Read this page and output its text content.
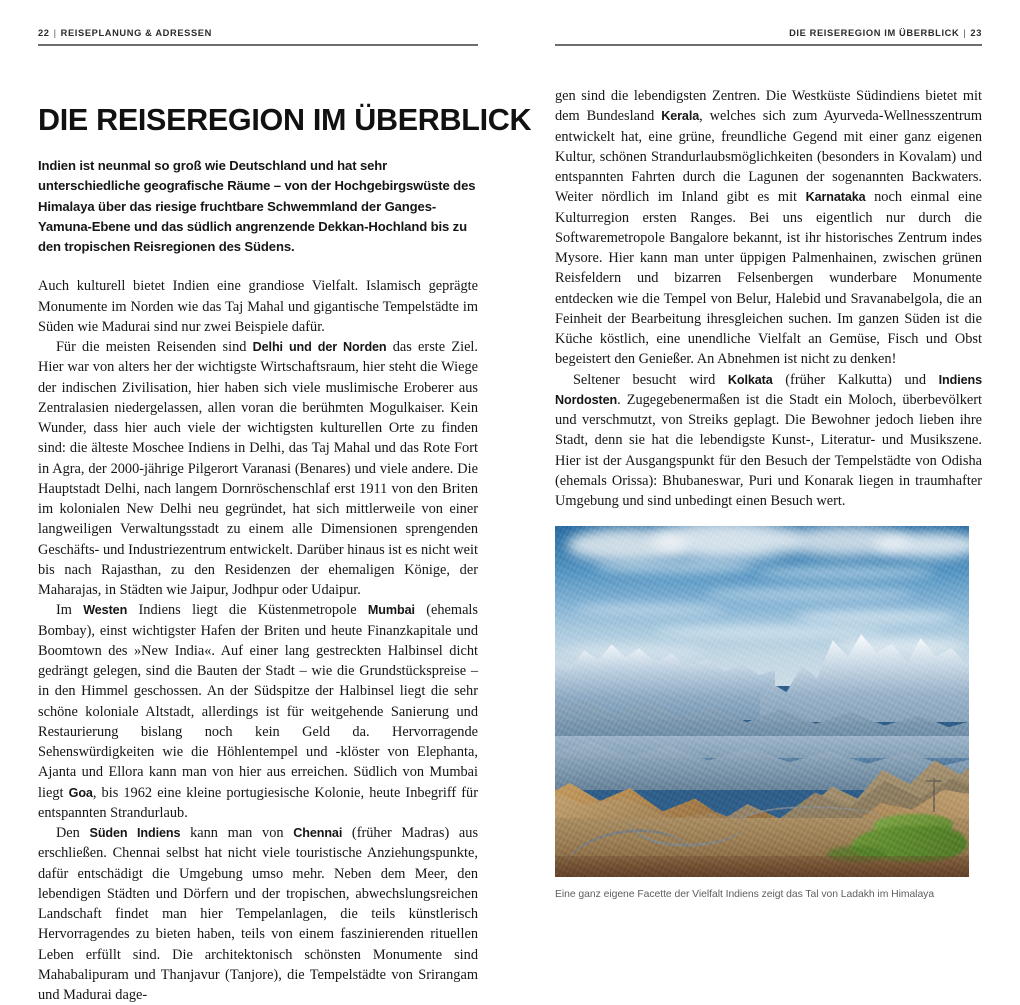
22 | REISEPLANUNG & ADRESSEN
DIE REISEREGION IM ÜBERBLICK
Indien ist neunmal so groß wie Deutschland und hat sehr unterschiedliche geografische Räume – von der Hochgebirgswüste des Himalaya über das riesige fruchtbare Schwemmland der Ganges-Yamuna-Ebene und das südlich angrenzende Dekkan-Hochland bis zu den tropischen Reisregionen des Südens.

Auch kulturell bietet Indien eine grandiose Vielfalt. Islamisch geprägte Monumente im Norden wie das Taj Mahal und gigantische Tempelstädte im Süden wie Madurai sind nur zwei Beispiele dafür.

Für die meisten Reisenden sind Delhi und der Norden das erste Ziel. Hier war von alters her der wichtigste Wirtschaftsraum, hier steht die Wiege der indischen Zivilisation, hier haben sich viele muslimische Eroberer aus Zentralasien niedergelassen, allen voran die berühmten Mogulkaiser. Kein Wunder, dass hier auch viele der wichtigsten kulturellen Orte zu finden sind: die älteste Moschee Indiens in Delhi, das Taj Mahal und das Rote Fort in Agra, der 2000-jährige Pilgerort Varanasi (Benares) und viele andere. Die Hauptstadt Delhi, nach langem Dornröschenschlaf erst 1911 von den Briten im kolonialen New Delhi neu gegründet, hat sich mittlerweile von einer langweiligen Verwaltungsstadt zu einem alle Dimensionen sprengenden Geschäfts- und Industriezentrum entwickelt. Darüber hinaus ist es nicht weit bis nach Rajasthan, zu den Residenzen der ehemaligen Könige, der Maharajas, in Städten wie Jaipur, Jodhpur oder Udaipur.

Im Westen Indiens liegt die Küstenmetropole Mumbai (ehemals Bombay), einst wichtigster Hafen der Briten und heute Finanzkapitale und Boomtown des »New India«. Auf einer lang gestreckten Halbinsel dicht gedrängt gelegen, sind die Bauten der Stadt – wie die Grundstückspreise – in den Himmel geschossen. An der Südspitze der Halbinsel liegt die sehr schöne koloniale Altstadt, allerdings ist für weitgehende Sanierung und Restaurierung bislang noch kein Geld da. Hervorragende Sehenswürdigkeiten wie die Höhlentempel und -klöster von Elephanta, Ajanta und Ellora kann man von hier aus erreichen. Südlich von Mumbai liegt Goa, bis 1962 eine kleine portugiesische Kolonie, heute Inbegriff für entspannten Strandurlaub.

Den Süden Indiens kann man von Chennai (früher Madras) aus erschließen. Chennai selbst hat nicht viele touristische Anziehungspunkte, dafür entschädigt die Umgebung umso mehr. Neben dem Meer, den lebendigen Städten und Dörfern und der tropischen, abwechslungsreichen Landschaft findet man hier Tempelanlagen, die teils künstlerisch Hervorragendes zu bieten haben, teils von einem faszinierenden rituellen Leben erfüllt sind. Die architektonisch schönsten Monumente sind Mahabalipuram und Thanjavur (Tanjore), die Tempelstädte von Srirangam und Madurai dage-

DIE REISEREGION IM ÜBERBLICK | 23

gen sind die lebendigsten Zentren. Die Westküste Südindiens bietet mit dem Bundesland Kerala, welches sich zum Ayurveda-Wellnesszentrum entwickelt hat, eine grüne, freundliche Gegend mit einer ganz eigenen Kultur, schönen Strandurlaubsmöglichkeiten (besonders in Kovalam) und entspannten Fahrten durch die Lagunen der sogenannten Backwaters. Weiter nördlich im Inland gibt es mit Karnataka noch einmal eine Kulturregion ersten Ranges. Bei uns eigentlich nur durch die Softwaremetropole Bangalore bekannt, ist ihr historisches Zentrum indes Mysore. Hier kann man unter üppigen Palmenhainen, zwischen grünen Reisfeldern und bizarren Felsenbergen wunderbare Monumente entdecken wie die Tempel von Belur, Halebid und Sravanabelgola, die an Feinheit der Bearbeitung ihresgleichen suchen. Im ganzen Süden ist die Küche köstlich, eine unendliche Vielfalt an Gemüse, Fisch und Obst begeistert den Genießer. An Abnehmen ist nicht zu denken!

Seltener besucht wird Kolkata (früher Kalkutta) und Indiens Nordosten. Zugegebenermaßen ist die Stadt ein Moloch, überbevölkert und verschmutzt, von Streiks geplagt. Die Bewohner jedoch lieben ihre Stadt, denn sie hat die lebendigste Kunst-, Literatur- und Musikszene. Hier ist der Ausgangspunkt für den Besuch der Tempelstädte von Odisha (ehemals Orissa): Bhubaneswar, Puri und Konarak liegen in traumhafter Umgebung und sind unbedingt einen Besuch wert.

Eine ganz eigene Facette der Vielfalt Indiens zeigt das Tal von Ladakh im Himalaya
